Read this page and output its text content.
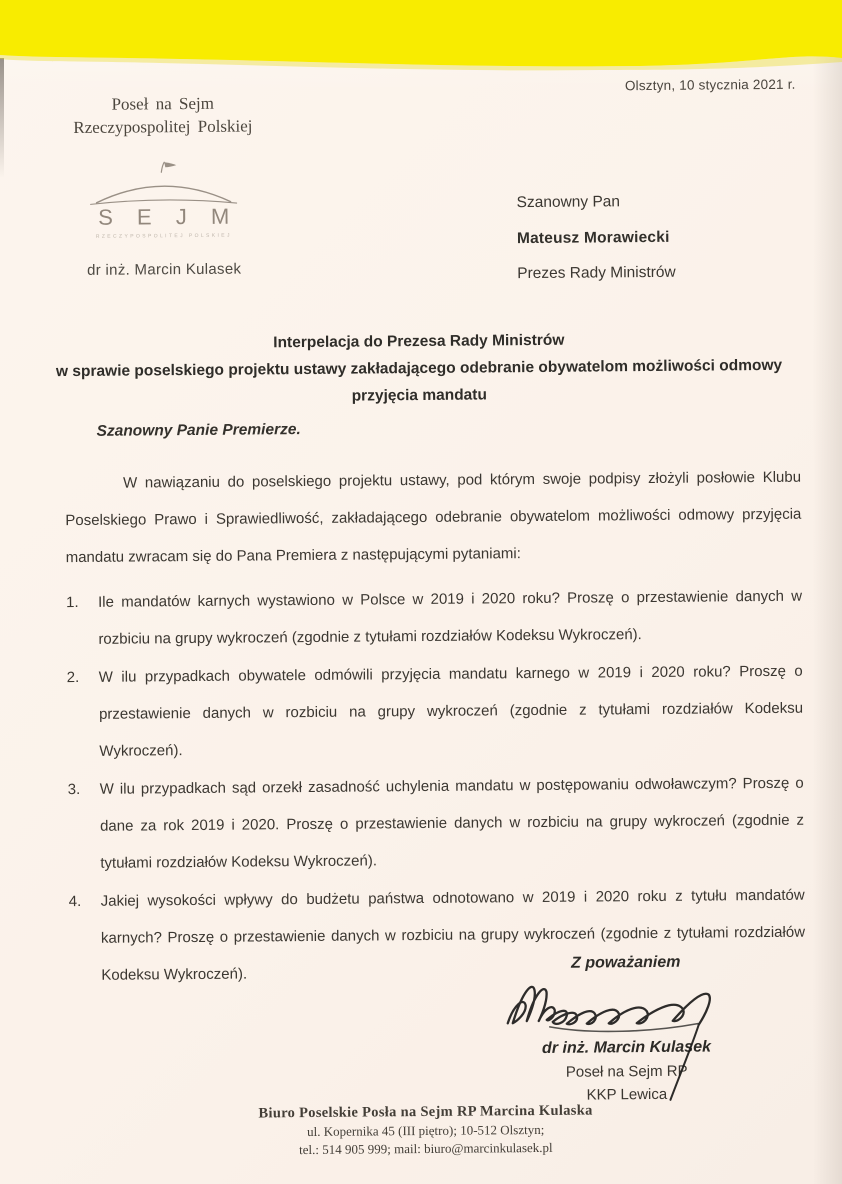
Olsztyn, 10 stycznia 2021 r.
Poseł na Sejm
Rzeczypospolitej Polskiej
S E J M
RZECZYPOSPOLITEJ POLSKIEJ
dr inż. Marcin Kulasek
Szanowny Pan
Mateusz Morawiecki
Prezes Rady Ministrów
Interpelacja do Prezesa Rady Ministrów
w sprawie poselskiego projektu ustawy zakładającego odebranie obywatelom możliwości odmowy
przyjęcia mandatu
Szanowny Panie Premierze.

W nawiązaniu do poselskiego projektu ustawy, pod którym swoje podpisy złożyli posłowie Klubu Poselskiego Prawo i Sprawiedliwość, zakładającego odebranie obywatelom możliwości odmowy przyjęcia mandatu zwracam się do Pana Premiera z następującymi pytaniami:

1.	Ile mandatów karnych wystawiono w Polsce w 2019 i 2020 roku? Proszę o przestawienie danych w rozbiciu na grupy wykroczeń (zgodnie z tytułami rozdziałów Kodeksu Wykroczeń).
2.	W ilu przypadkach obywatele odmówili przyjęcia mandatu karnego w 2019 i 2020 roku? Proszę o przestawienie danych w rozbiciu na grupy wykroczeń (zgodnie z tytułami rozdziałów Kodeksu Wykroczeń).
3.	W ilu przypadkach sąd orzekł zasadność uchylenia mandatu w postępowaniu odwoławczym? Proszę o dane za rok 2019 i 2020. Proszę o przestawienie danych w rozbiciu na grupy wykroczeń (zgodnie z tytułami rozdziałów Kodeksu Wykroczeń).
4.	Jakiej wysokości wpływy do budżetu państwa odnotowano w 2019 i 2020 roku z tytułu mandatów karnych? Proszę o przestawienie danych w rozbiciu na grupy wykroczeń (zgodnie z tytułami rozdziałów Kodeksu Wykroczeń).
Z poważaniem
dr inż. Marcin Kulasek
Poseł na Sejm RP
KKP Lewica
Biuro Poselskie Posła na Sejm RP Marcina Kulaska
ul. Kopernika 45 (III piętro); 10-512 Olsztyn;
tel.: 514 905 999; mail: biuro@marcinkulasek.pl
